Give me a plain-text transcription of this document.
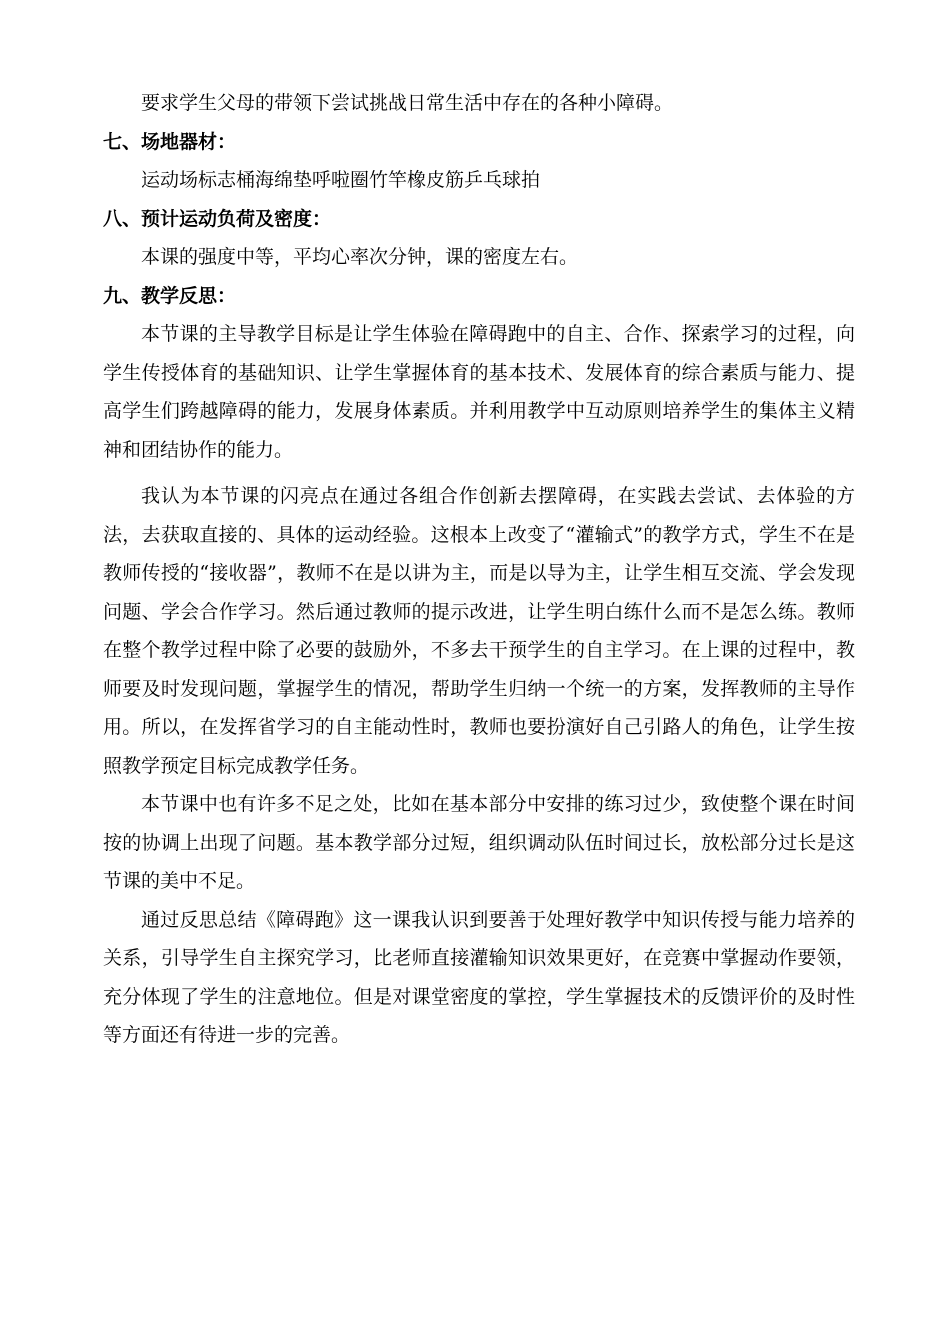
要求学生父母的带领下尝试挑战日常生活中存在的各种小障碍。

七、场地器材：

运动场标志桶海绵垫呼啦圈竹竿橡皮筋乒乓球拍

八、预计运动负荷及密度：

本课的强度中等，平均心率次分钟，课的密度左右。

九、教学反思：

本节课的主导教学目标是让学生体验在障碍跑中的自主、合作、探索学习的过程，向学生传授体育的基础知识、让学生掌握体育的基本技术、发展体育的综合素质与能力、提高学生们跨越障碍的能力，发展身体素质。并利用教学中互动原则培养学生的集体主义精神和团结协作的能力。

我认为本节课的闪亮点在通过各组合作创新去摆障碍，在实践去尝试、去体验的方法，去获取直接的、具体的运动经验。这根本上改变了“灌输式”的教学方式，学生不在是教师传授的“接收器”，教师不在是以讲为主，而是以导为主，让学生相互交流、学会发现问题、学会合作学习。然后通过教师的提示改进，让学生明白练什么而不是怎么练。教师在整个教学过程中除了必要的鼓励外，不多去干预学生的自主学习。在上课的过程中，教师要及时发现问题，掌握学生的情况，帮助学生归纳一个统一的方案，发挥教师的主导作用。所以，在发挥省学习的自主能动性时，教师也要扮演好自己引路人的角色，让学生按照教学预定目标完成教学任务。

本节课中也有许多不足之处，比如在基本部分中安排的练习过少，致使整个课在时间按的协调上出现了问题。基本教学部分过短，组织调动队伍时间过长，放松部分过长是这节课的美中不足。

通过反思总结《障碍跑》这一课我认识到要善于处理好教学中知识传授与能力培养的关系，引导学生自主探究学习，比老师直接灌输知识效果更好，在竞赛中掌握动作要领，充分体现了学生的注意地位。但是对课堂密度的掌控，学生掌握技术的反馈评价的及时性等方面还有待进一步的完善。
